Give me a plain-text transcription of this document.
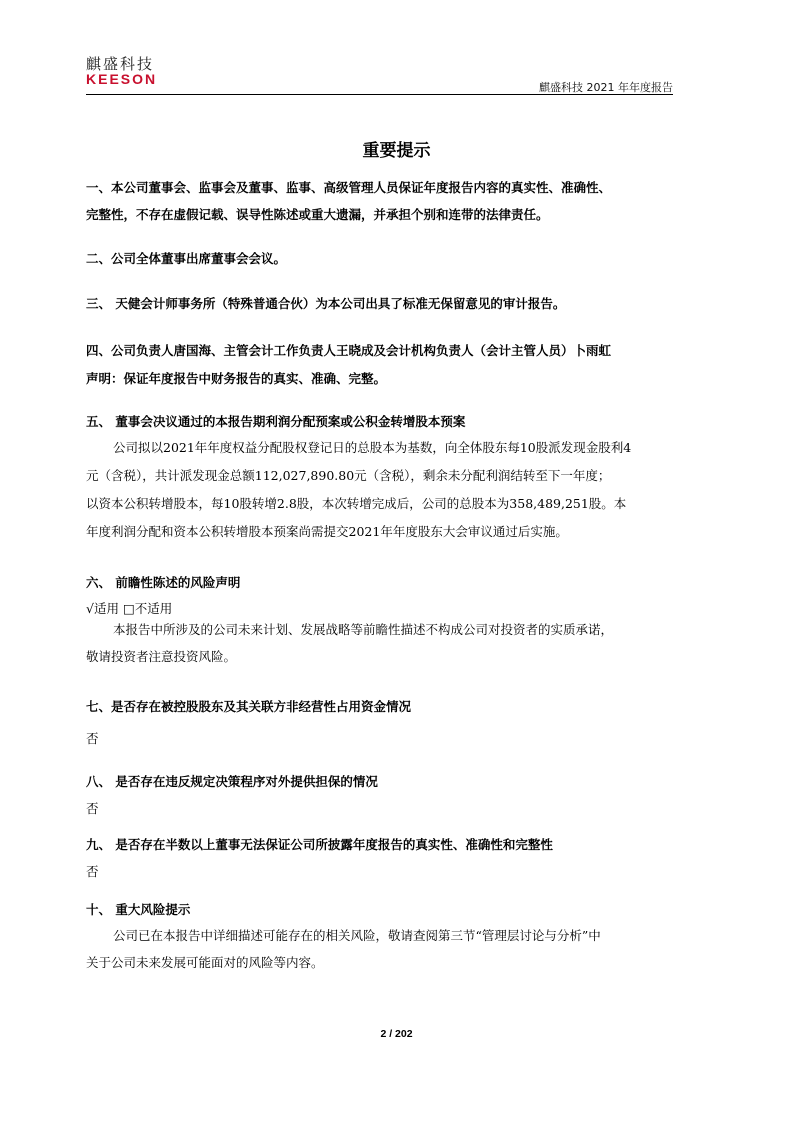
麒盛科技
KEESON
麒盛科技 2021 年年度报告
重要提示
一、本公司董事会、监事会及董事、监事、高级管理人员保证年度报告内容的真实性、准确性、
完整性，不存在虚假记载、误导性陈述或重大遗漏，并承担个别和连带的法律责任。
二、公司全体董事出席董事会会议。
三、 天健会计师事务所（特殊普通合伙）为本公司出具了标准无保留意见的审计报告。
四、公司负责人唐国海、主管会计工作负责人王晓成及会计机构负责人（会计主管人员）卜雨虹
声明：保证年度报告中财务报告的真实、准确、完整。
五、 董事会决议通过的本报告期利润分配预案或公积金转增股本预案
公司拟以2021年年度权益分配股权登记日的总股本为基数，向全体股东每10股派发现金股利4
元（含税），共计派发现金总额112,027,890.80元（含税），剩余未分配利润结转至下一年度；
以资本公积转增股本，每10股转增2.8股，本次转增完成后，公司的总股本为358,489,251股。本
年度利润分配和资本公积转增股本预案尚需提交2021年年度股东大会审议通过后实施。
六、 前瞻性陈述的风险声明
√适用 □不适用
本报告中所涉及的公司未来计划、发展战略等前瞻性描述不构成公司对投资者的实质承诺，
敬请投资者注意投资风险。
七、是否存在被控股股东及其关联方非经营性占用资金情况
否
八、 是否存在违反规定决策程序对外提供担保的情况
否
九、 是否存在半数以上董事无法保证公司所披露年度报告的真实性、准确性和完整性
否
十、 重大风险提示
公司已在本报告中详细描述可能存在的相关风险，敬请查阅第三节“管理层讨论与分析”中
关于公司未来发展可能面对的风险等内容。
2 / 202
